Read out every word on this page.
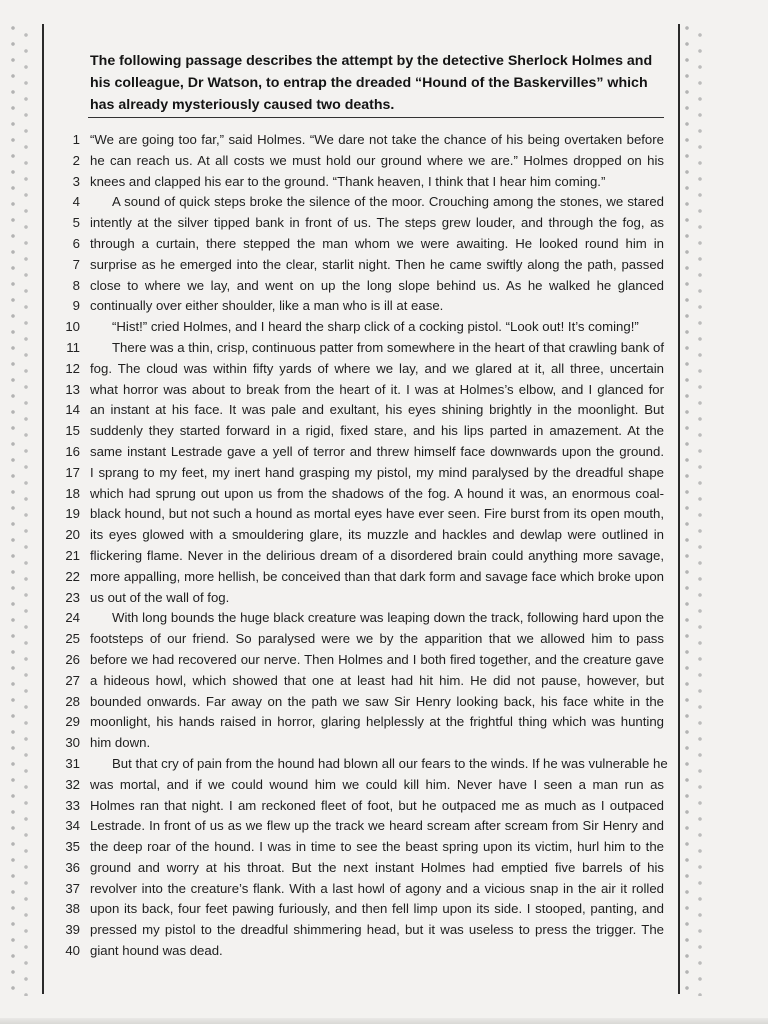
The following passage describes the attempt by the detective Sherlock Holmes and his colleague, Dr Watson, to entrap the dreaded “Hound of the Baskervilles” which has already mysteriously caused two deaths.
1 “We are going too far,” said Holmes. “We dare not take the chance of his being overtaken before
2 he can reach us. At all costs we must hold our ground where we are.” Holmes dropped on his
3 knees and clapped his ear to the ground. “Thank heaven, I think that I hear him coming.”
4 A sound of quick steps broke the silence of the moor. Crouching among the stones, we stared
5 intently at the silver tipped bank in front of us. The steps grew louder, and through the fog, as
6 through a curtain, there stepped the man whom we were awaiting. He looked round him in
7 surprise as he emerged into the clear, starlit night. Then he came swiftly along the path, passed
8 close to where we lay, and went on up the long slope behind us. As he walked he glanced
9 continually over either shoulder, like a man who is ill at ease.
10 “Hist!” cried Holmes, and I heard the sharp click of a cocking pistol. “Look out! It’s coming!”
11 There was a thin, crisp, continuous patter from somewhere in the heart of that crawling bank of
12 fog. The cloud was within fifty yards of where we lay, and we glared at it, all three, uncertain
13 what horror was about to break from the heart of it. I was at Holmes’s elbow, and I glanced for
14 an instant at his face. It was pale and exultant, his eyes shining brightly in the moonlight. But
15 suddenly they started forward in a rigid, fixed stare, and his lips parted in amazement. At the
16 same instant Lestrade gave a yell of terror and threw himself face downwards upon the ground.
17 I sprang to my feet, my inert hand grasping my pistol, my mind paralysed by the dreadful shape
18 which had sprung out upon us from the shadows of the fog. A hound it was, an enormous coal-
19 black hound, but not such a hound as mortal eyes have ever seen. Fire burst from its open mouth,
20 its eyes glowed with a smouldering glare, its muzzle and hackles and dewlap were outlined in
21 flickering flame. Never in the delirious dream of a disordered brain could anything more savage,
22 more appalling, more hellish, be conceived than that dark form and savage face which broke upon
23 us out of the wall of fog.
24 With long bounds the huge black creature was leaping down the track, following hard upon the
25 footsteps of our friend. So paralysed were we by the apparition that we allowed him to pass
26 before we had recovered our nerve. Then Holmes and I both fired together, and the creature gave
27 a hideous howl, which showed that one at least had hit him. He did not pause, however, but
28 bounded onwards. Far away on the path we saw Sir Henry looking back, his face white in the
29 moonlight, his hands raised in horror, glaring helplessly at the frightful thing which was hunting
30 him down.
31 But that cry of pain from the hound had blown all our fears to the winds. If he was vulnerable he
32 was mortal, and if we could wound him we could kill him. Never have I seen a man run as
33 Holmes ran that night. I am reckoned fleet of foot, but he outpaced me as much as I outpaced
34 Lestrade. In front of us as we flew up the track we heard scream after scream from Sir Henry and
35 the deep roar of the hound. I was in time to see the beast spring upon its victim, hurl him to the
36 ground and worry at his throat. But the next instant Holmes had emptied five barrels of his
37 revolver into the creature’s flank. With a last howl of agony and a vicious snap in the air it rolled
38 upon its back, four feet pawing furiously, and then fell limp upon its side. I stooped, panting, and
39 pressed my pistol to the dreadful shimmering head, but it was useless to press the trigger. The
40 giant hound was dead.
